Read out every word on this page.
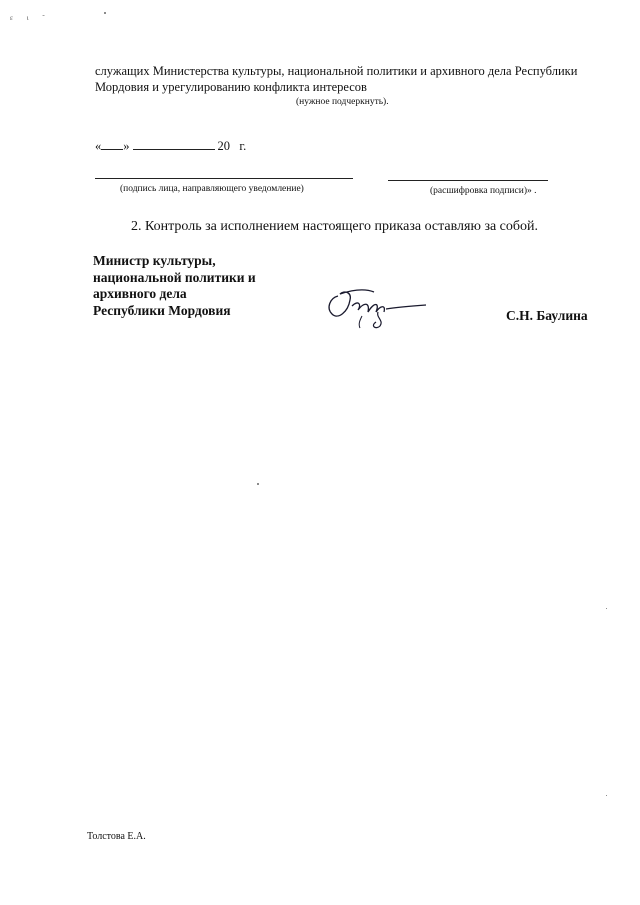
ε ι ˘
служащих Министерства культуры, национальной политики и архивного дела Республики Мордовия и урегулированию конфликта интересов
(нужное подчеркнуть).
« »	20 г.
(подпись лица, направляющего уведомление)	(расшифровка подписи)» .
2. Контроль за исполнением настоящего приказа оставляю за собой.
Министр культуры,
национальной политики и
архивного дела
Республики Мордовия	С.Н. Баулина
Толстова Е.А.
